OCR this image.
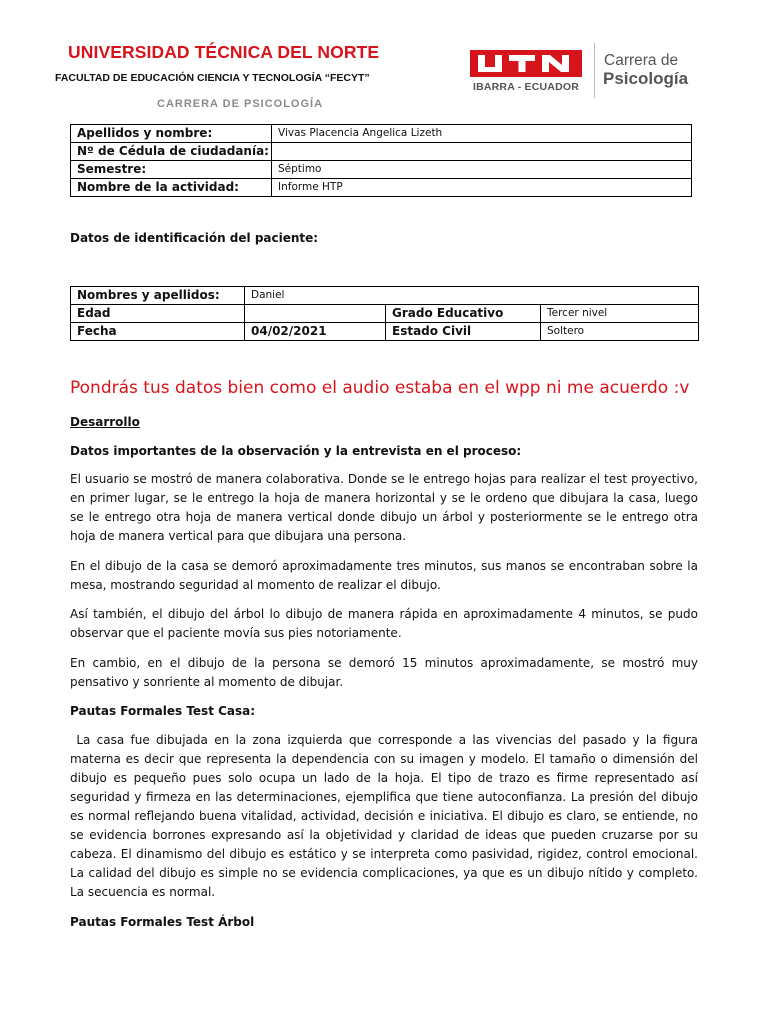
UNIVERSIDAD TÉCNICA DEL NORTE
FACULTAD DE EDUCACIÓN CIENCIA Y TECNOLOGÍA “FECYT”
CARRERA DE PSICOLOGÍA
IBARRA - ECUADOR
Carrera de
Psicología
Apellidos y nombre:	Vivas Placencia Angelica Lizeth
Nº de Cédula de ciudadanía:	
Semestre:	Séptimo
Nombre de la actividad:	Informe HTP
Datos de identificación del paciente:
Nombres y apellidos:	Daniel		
Edad		Grado Educativo	Tercer nivel
Fecha	04/02/2021	Estado Civil	Soltero
Pondrás tus datos bien como el audio estaba en el wpp ni me acuerdo :v
Desarrollo
Datos importantes de la observación y la entrevista en el proceso:
El usuario se mostró de manera colaborativa. Donde se le entrego hojas para realizar el test proyectivo, en primer lugar, se le entrego la hoja de manera horizontal y se le ordeno que dibujara la casa, luego se le entrego otra hoja de manera vertical donde dibujo un árbol y posteriormente se le entrego otra hoja de manera vertical para que dibujara una persona.
En el dibujo de la casa se demoró aproximadamente tres minutos, sus manos se encontraban sobre la mesa, mostrando seguridad al momento de realizar el dibujo.
Así también, el dibujo del árbol lo dibujo de manera rápida en aproximadamente 4 minutos, se pudo observar que el paciente movía sus pies notoriamente.
En cambio, en el dibujo de la persona se demoró 15 minutos aproximadamente, se mostró muy pensativo y sonriente al momento de dibujar.
Pautas Formales Test Casa:
La casa fue dibujada en la zona izquierda que corresponde a las vivencias del pasado y la figura materna es decir que representa la dependencia con su imagen y modelo. El tamaño o dimensión del dibujo es pequeño pues solo ocupa un lado de la hoja. El tipo de trazo es firme representado así seguridad y firmeza en las determinaciones, ejemplifica que tiene autoconfianza. La presión del dibujo es normal reflejando buena vitalidad, actividad, decisión e iniciativa. El dibujo es claro, se entiende, no se evidencia borrones expresando así la objetividad y claridad de ideas que pueden cruzarse por su cabeza. El dinamismo del dibujo es estático y se interpreta como pasividad, rigidez, control emocional. La calidad del dibujo es simple no se evidencia complicaciones, ya que es un dibujo nítido y completo. La secuencia es normal.
Pautas Formales Test Árbol
